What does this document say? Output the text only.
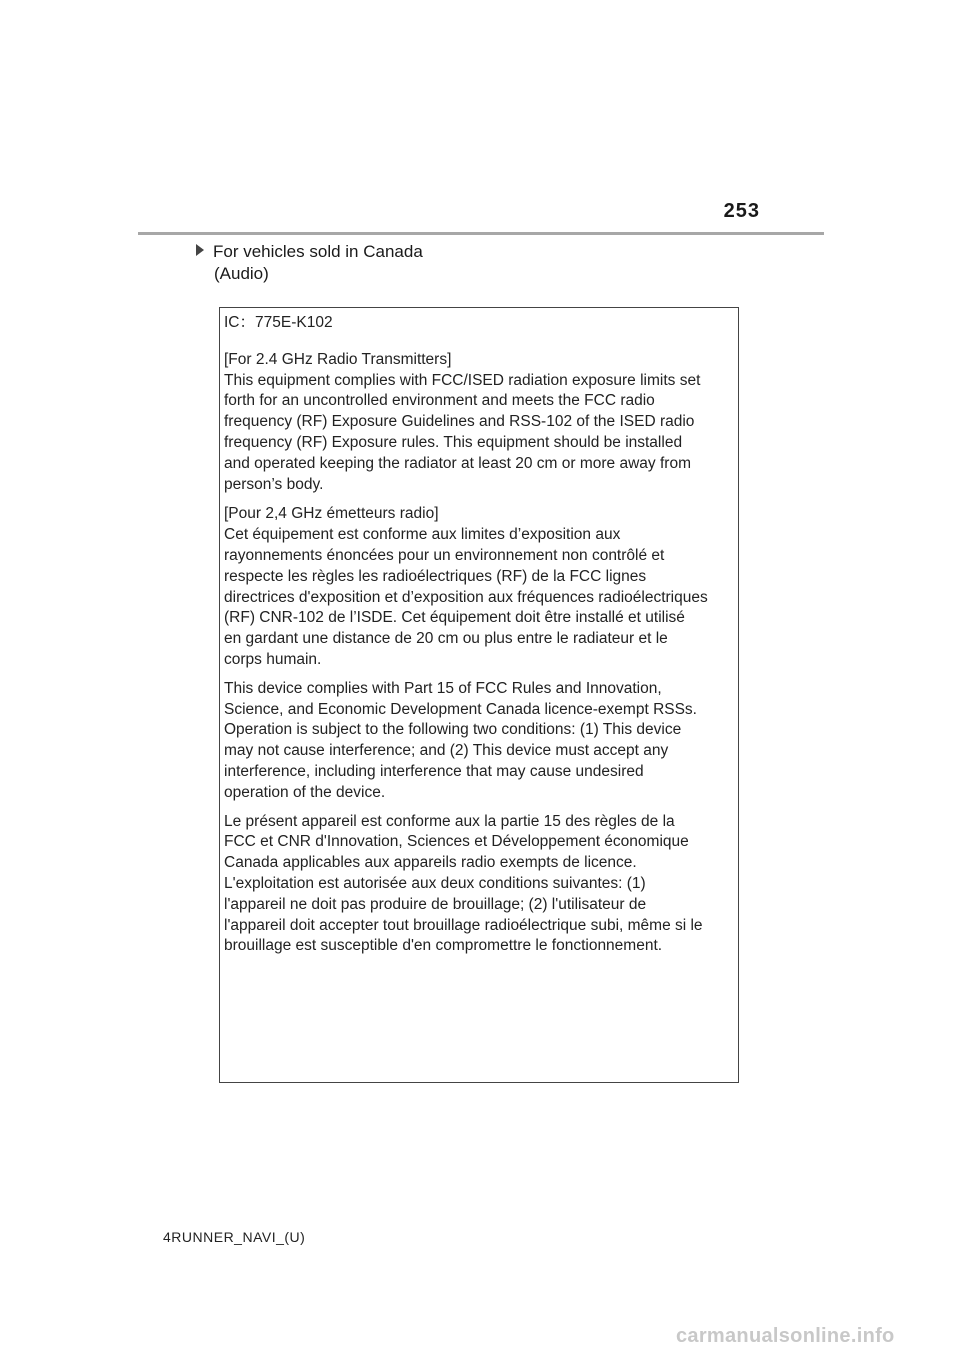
253
For vehicles sold in Canada
(Audio)

IC：775E-K102

[For 2.4 GHz Radio Transmitters]

This equipment complies with FCC/ISED radiation exposure limits set

forth for an uncontrolled environment and meets the FCC radio

frequency (RF) Exposure Guidelines and RSS-102 of the ISED radio

frequency (RF) Exposure rules. This equipment should be installed

and operated keeping the radiator at least 20 cm or more away from

person’s body.

[Pour 2,4 GHz émetteurs radio]

Cet équipement est conforme aux limites d’exposition aux

rayonnements énoncées pour un environnement non contrôlé et

respecte les règles les radioélectriques (RF) de la FCC lignes

directrices d'exposition et d’exposition aux fréquences radioélectriques

(RF) CNR-102 de l’ISDE. Cet équipement doit être installé et utilisé

en gardant une distance de 20 cm ou plus entre le radiateur et le

corps humain.

This device complies with Part 15 of FCC Rules and Innovation,

Science, and Economic Development Canada licence-exempt RSSs.

Operation is subject to the following two conditions: (1) This device

may not cause interference; and (2) This device must accept any

interference, including interference that may cause undesired

operation of the device.

Le présent appareil est conforme aux la partie 15 des règles de la

FCC et CNR d'Innovation, Sciences et Développement économique

Canada applicables aux appareils radio exempts de licence.

L'exploitation est autorisée aux deux conditions suivantes: (1)

l'appareil ne doit pas produire de brouillage; (2) l'utilisateur de

l'appareil doit accepter tout brouillage radioélectrique subi, même si le

brouillage est susceptible d'en compromettre le fonctionnement.

4RUNNER_NAVI_(U)
carmanualsonline.info
